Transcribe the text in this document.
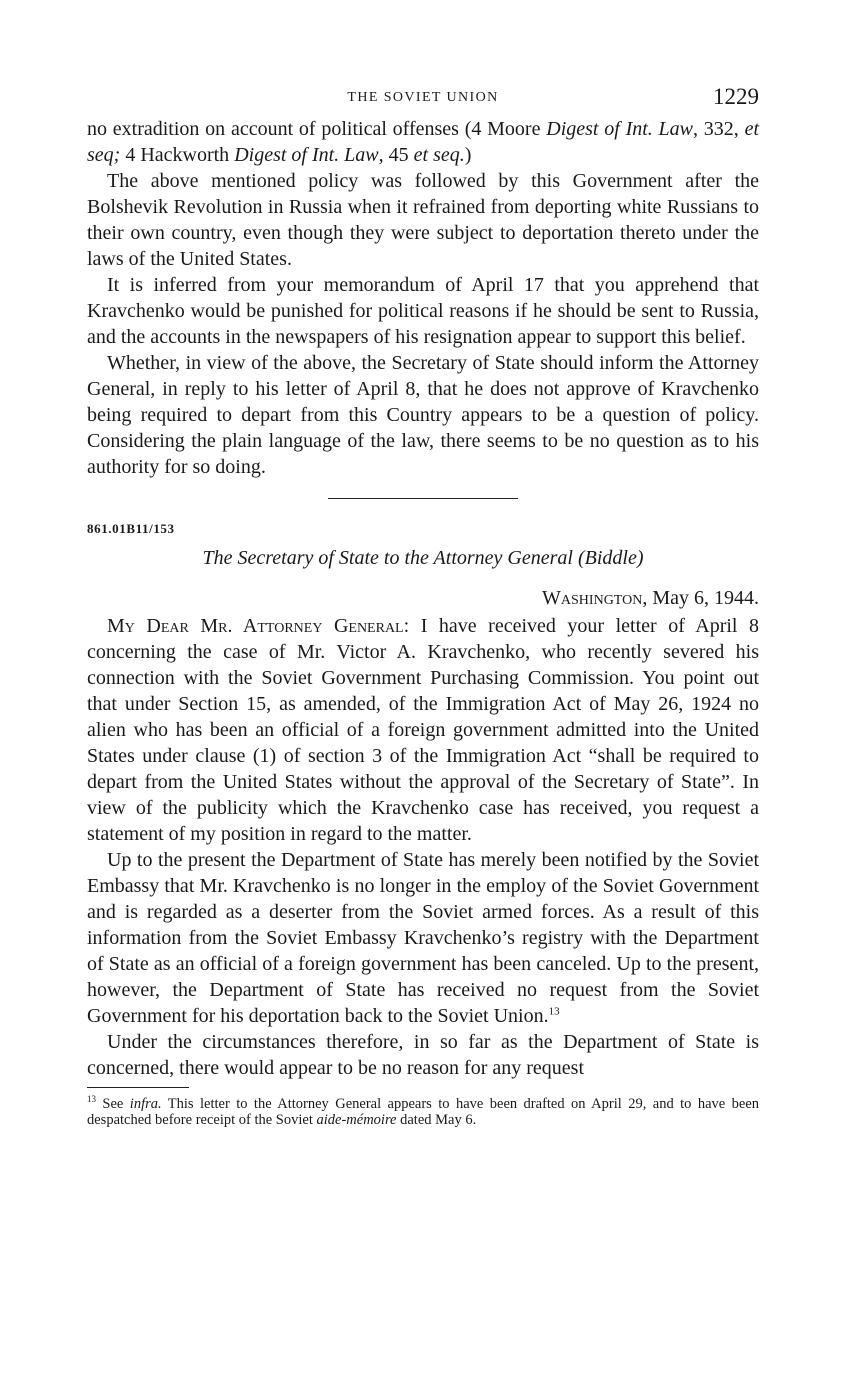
THE SOVIET UNION	1229

no extradition on account of political offenses (4 Moore Digest of Int. Law, 332, et seq; 4 Hackworth Digest of Int. Law, 45 et seq.)

The above mentioned policy was followed by this Government after the Bolshevik Revolution in Russia when it refrained from deporting white Russians to their own country, even though they were subject to deportation thereto under the laws of the United States.

It is inferred from your memorandum of April 17 that you apprehend that Kravchenko would be punished for political reasons if he should be sent to Russia, and the accounts in the newspapers of his resignation appear to support this belief.

Whether, in view of the above, the Secretary of State should inform the Attorney General, in reply to his letter of April 8, that he does not approve of Kravchenko being required to depart from this Country appears to be a question of policy. Considering the plain language of the law, there seems to be no question as to his authority for so doing.

861.01B11/153
The Secretary of State to the Attorney General (Biddle)
Washington, May 6, 1944.

My Dear Mr. Attorney General: I have received your letter of April 8 concerning the case of Mr. Victor A. Kravchenko, who recently severed his connection with the Soviet Government Purchasing Commission. You point out that under Section 15, as amended, of the Immigration Act of May 26, 1924 no alien who has been an official of a foreign government admitted into the United States under clause (1) of section 3 of the Immigration Act “shall be required to depart from the United States without the approval of the Secretary of State”. In view of the publicity which the Kravchenko case has received, you request a statement of my position in regard to the matter.

Up to the present the Department of State has merely been notified by the Soviet Embassy that Mr. Kravchenko is no longer in the employ of the Soviet Government and is regarded as a deserter from the Soviet armed forces. As a result of this information from the Soviet Embassy Kravchenko’s registry with the Department of State as an official of a foreign government has been canceled. Up to the present, however, the Department of State has received no request from the Soviet Government for his deportation back to the Soviet Union.$^{13}$

Under the circumstances therefore, in so far as the Department of State is concerned, there would appear to be no reason for any request

$^{13}$ See infra. This letter to the Attorney General appears to have been drafted on April 29, and to have been despatched before receipt of the Soviet aide-mémoire dated May 6.
